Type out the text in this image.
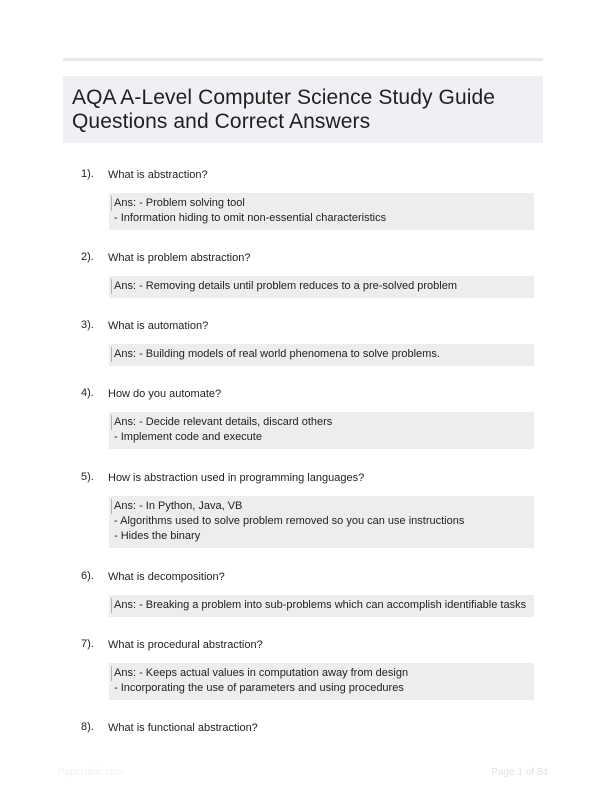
AQA A-Level Computer Science Study Guide
Questions and Correct Answers
1). What is abstraction?
Ans: - Problem solving tool
- Information hiding to omit non-essential characteristics
2). What is problem abstraction?
Ans: - Removing details until problem reduces to a pre-solved problem
3). What is automation?
Ans: - Building models of real world phenomena to solve problems.
4). How do you automate?
Ans: - Decide relevant details, discard others
- Implement code and execute
5). How is abstraction used in programming languages?
Ans: - In Python, Java, VB
- Algorithms used to solve problem removed so you can use instructions
- Hides the binary
6). What is decomposition?
Ans: - Breaking a problem into sub-problems which can accomplish identifiable tasks
7). What is procedural abstraction?
Ans: - Keeps actual values in computation away from design
- Incorporating the use of parameters and using procedures
8). What is functional abstraction?
Papertibic.com	Page 1 of 84
